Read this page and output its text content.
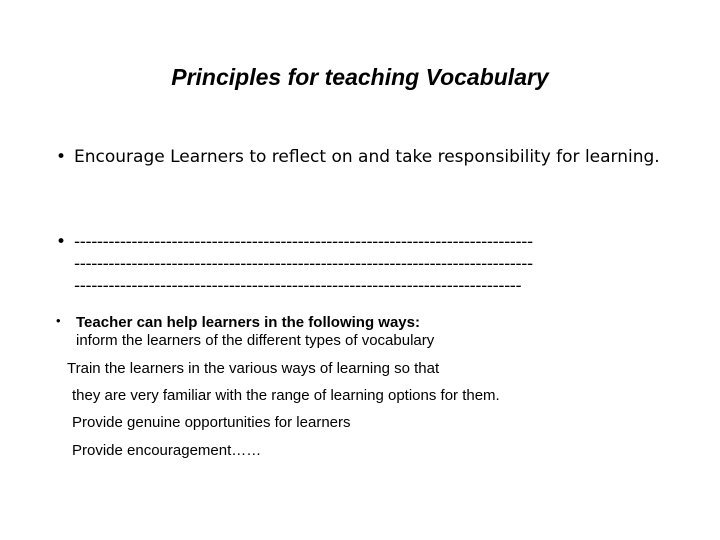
Principles for teaching Vocabulary
• Encourage Learners to reflect on and take responsibility for learning.
• --------------------------------------------------------------------------------
--------------------------------------------------------------------------------
------------------------------------------------------------------------------
• Teacher can help learners in the following ways:
inform the learners of the different types of vocabulary
Train the learners in the various ways of learning so that
they are very familiar with the range of learning options for them.
Provide genuine opportunities for learners
Provide encouragement……
